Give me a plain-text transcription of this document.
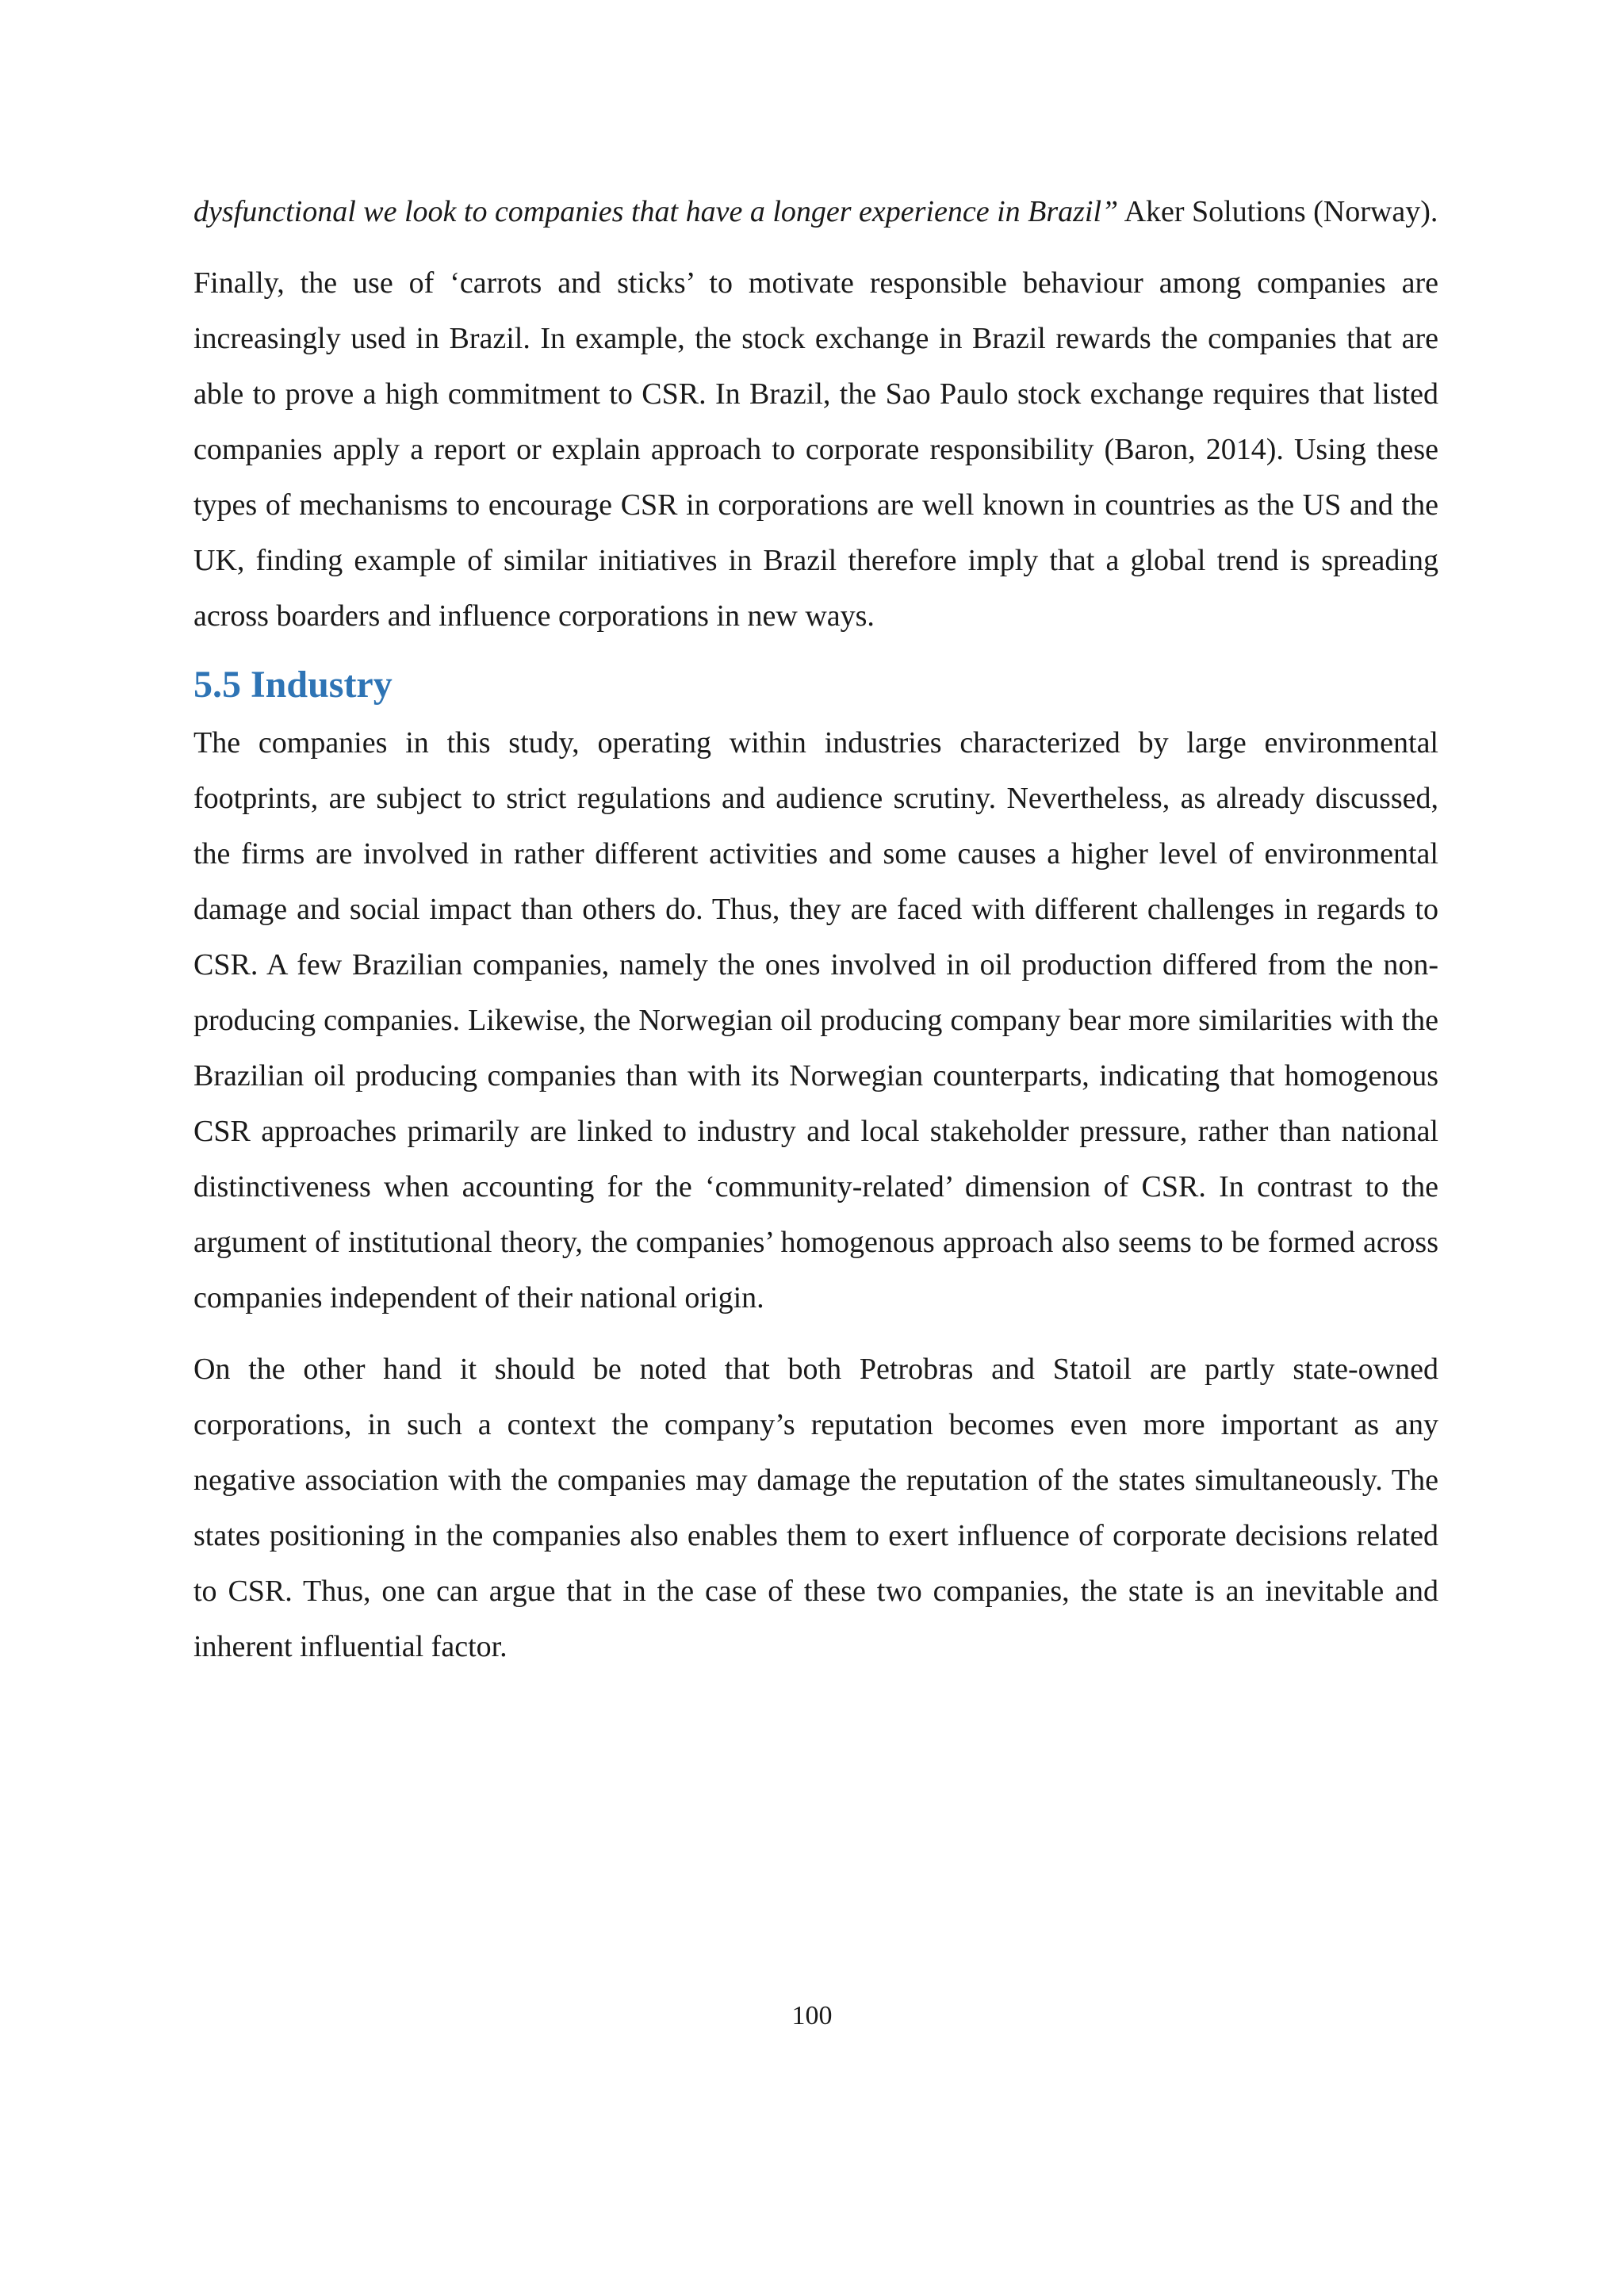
dysfunctional we look to companies that have a longer experience in Brazil” Aker Solutions (Norway).

Finally, the use of ‘carrots and sticks’ to motivate responsible behaviour among companies are increasingly used in Brazil. In example, the stock exchange in Brazil rewards the companies that are able to prove a high commitment to CSR. In Brazil, the Sao Paulo stock exchange requires that listed companies apply a report or explain approach to corporate responsibility (Baron, 2014). Using these types of mechanisms to encourage CSR in corporations are well known in countries as the US and the UK, finding example of similar initiatives in Brazil therefore imply that a global trend is spreading across boarders and influence corporations in new ways.

5.5 Industry

The companies in this study, operating within industries characterized by large environmental footprints, are subject to strict regulations and audience scrutiny. Nevertheless, as already discussed, the firms are involved in rather different activities and some causes a higher level of environmental damage and social impact than others do. Thus, they are faced with different challenges in regards to CSR. A few Brazilian companies, namely the ones involved in oil production differed from the non-producing companies. Likewise, the Norwegian oil producing company bear more similarities with the Brazilian oil producing companies than with its Norwegian counterparts, indicating that homogenous CSR approaches primarily are linked to industry and local stakeholder pressure, rather than national distinctiveness when accounting for the ‘community-related’ dimension of CSR. In contrast to the argument of institutional theory, the companies’ homogenous approach also seems to be formed across companies independent of their national origin.

On the other hand it should be noted that both Petrobras and Statoil are partly state-owned corporations, in such a context the company’s reputation becomes even more important as any negative association with the companies may damage the reputation of the states simultaneously. The states positioning in the companies also enables them to exert influence of corporate decisions related to CSR. Thus, one can argue that in the case of these two companies, the state is an inevitable and inherent influential factor.

100
